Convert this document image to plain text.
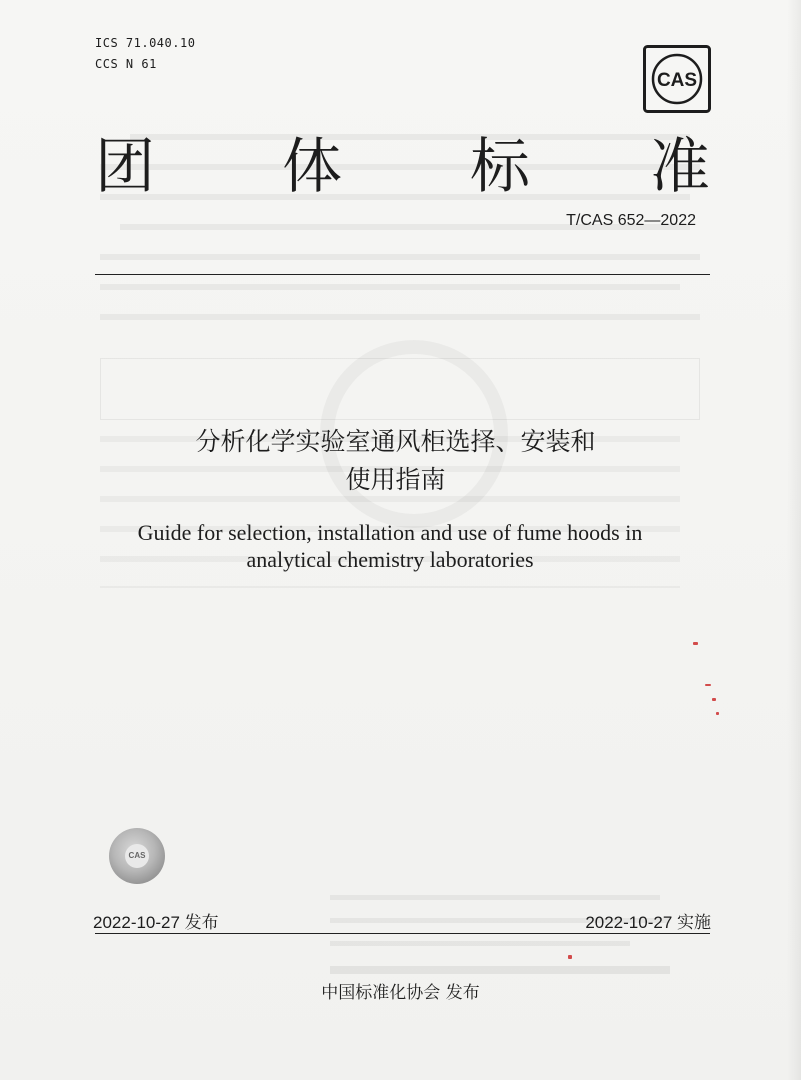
ICS 71.040.10
CCS N 61
CAS
团 体 标 准
T/CAS 652—2022
分析化学实验室通风柜选择、安装和
使用指南
Guide for selection, installation and use of fume hoods in
analytical chemistry laboratories
CAS
2022-10-27 发布	2022-10-27 实施
中国标准化协会 发布
